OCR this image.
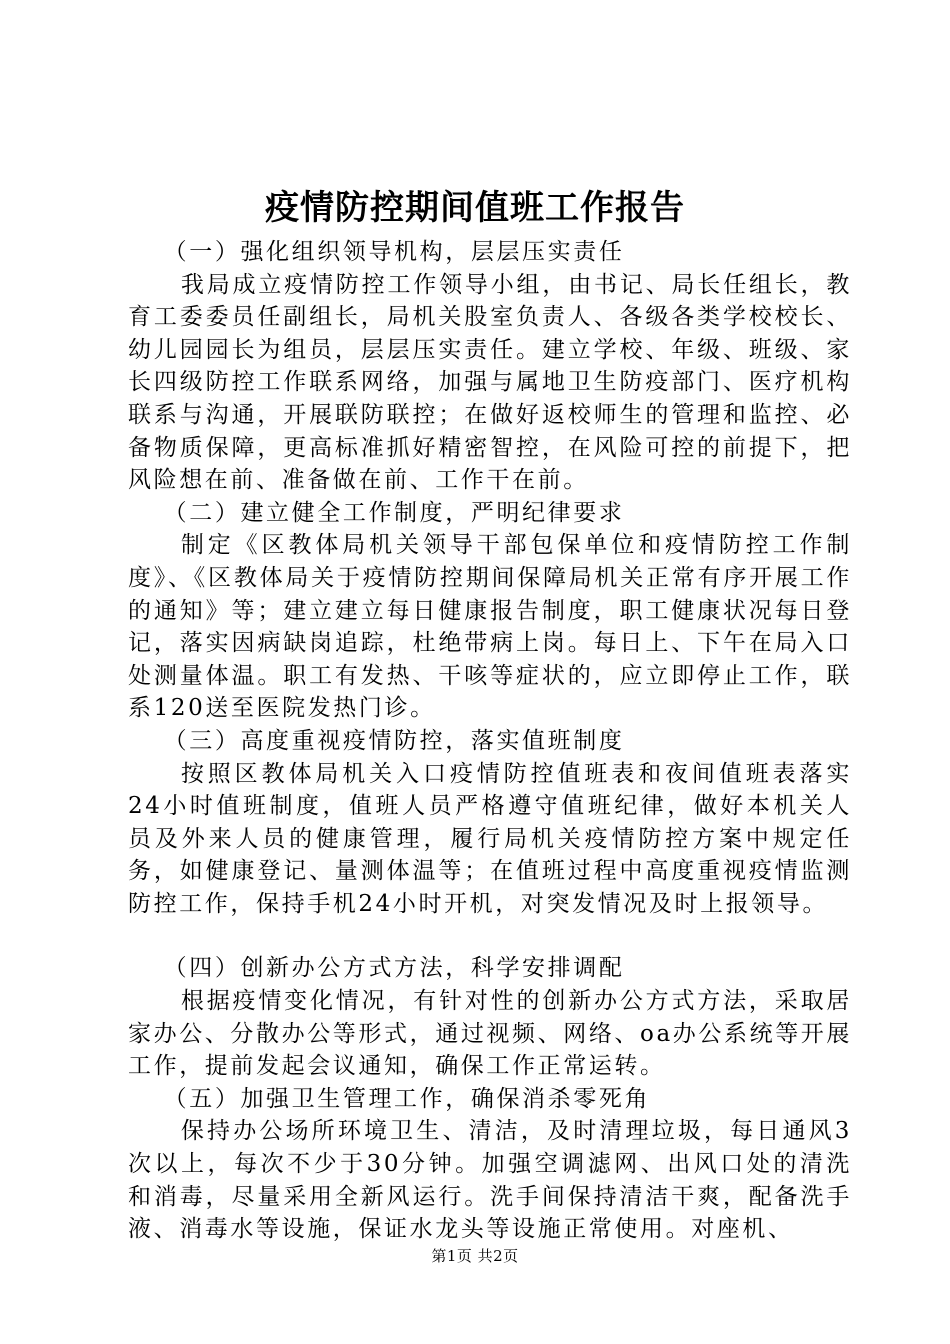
疫情防控期间值班工作报告

（一）强化组织领导机构，层层压实责任

我局成立疫情防控工作领导小组，由书记、局长任组长，教育工委委员任副组长，局机关股室负责人、各级各类学校校长、幼儿园园长为组员，层层压实责任。建立学校、年级、班级、家长四级防控工作联系网络，加强与属地卫生防疫部门、医疗机构联系与沟通，开展联防联控；在做好返校师生的管理和监控、必备物质保障，更高标准抓好精密智控，在风险可控的前提下，把风险想在前、准备做在前、工作干在前。

（二）建立健全工作制度，严明纪律要求

制定《区教体局机关领导干部包保单位和疫情防控工作制度》、《区教体局关于疫情防控期间保障局机关正常有序开展工作的通知》等；建立建立每日健康报告制度，职工健康状况每日登记，落实因病缺岗追踪，杜绝带病上岗。每日上、下午在局入口处测量体温。职工有发热、干咳等症状的，应立即停止工作，联系120送至医院发热门诊。

（三）高度重视疫情防控，落实值班制度

按照区教体局机关入口疫情防控值班表和夜间值班表落实24小时值班制度，值班人员严格遵守值班纪律，做好本机关人员及外来人员的健康管理，履行局机关疫情防控方案中规定任务，如健康登记、量测体温等；在值班过程中高度重视疫情监测防控工作，保持手机24小时开机，对突发情况及时上报领导。

（四）创新办公方式方法，科学安排调配

根据疫情变化情况，有针对性的创新办公方式方法，采取居家办公、分散办公等形式，通过视频、网络、oa办公系统等开展工作，提前发起会议通知，确保工作正常运转。

（五）加强卫生管理工作，确保消杀零死角

保持办公场所环境卫生、清洁，及时清理垃圾，每日通风3次以上，每次不少于30分钟。加强空调滤网、出风口处的清洗和消毒，尽量采用全新风运行。洗手间保持清洁干爽，配备洗手液、消毒水等设施，保证水龙头等设施正常使用。对座机、

第1页 共2页
